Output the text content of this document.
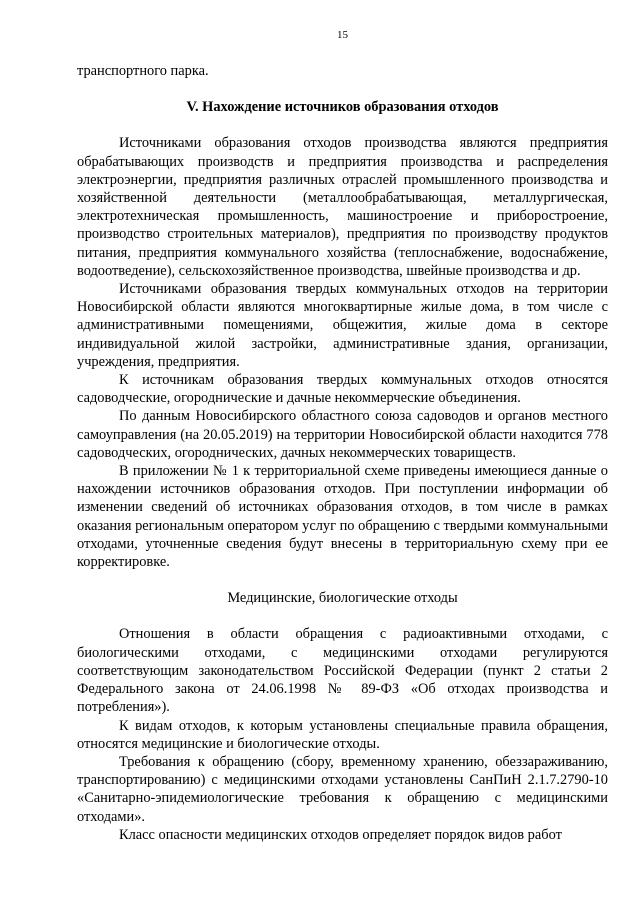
15

транспортного парка.

V. Нахождение источников образования отходов

Источниками образования отходов производства являются предприятия обрабатывающих производств и предприятия производства и распределения электроэнергии, предприятия различных отраслей промышленного производства и хозяйственной деятельности (металлообрабатывающая, металлургическая, электротехническая промышленность, машиностроение и приборостроение, производство строительных материалов), предприятия по производству продуктов питания, предприятия коммунального хозяйства (теплоснабжение, водоснабжение, водоотведение), сельскохозяйственное производства, швейные производства и др.

Источниками образования твердых коммунальных отходов на территории Новосибирской области являются многоквартирные жилые дома, в том числе с административными помещениями, общежития, жилые дома в секторе индивидуальной жилой застройки, административные здания, организации, учреждения, предприятия.

К источникам образования твердых коммунальных отходов относятся садоводческие, огороднические и дачные некоммерческие объединения.

По данным Новосибирского областного союза садоводов и органов местного самоуправления (на 20.05.2019) на территории Новосибирской области находится 778 садоводческих, огороднических, дачных некоммерческих товариществ.

В приложении № 1 к территориальной схеме приведены имеющиеся данные о нахождении источников образования отходов. При поступлении информации об изменении сведений об источниках образования отходов, в том числе в рамках оказания региональным оператором услуг по обращению с твердыми коммунальными отходами, уточненные сведения будут внесены в территориальную схему при ее корректировке.

Медицинские, биологические отходы

Отношения в области обращения с радиоактивными отходами, с биологическими отходами, с медицинскими отходами регулируются соответствующим законодательством Российской Федерации (пункт 2 статьи 2 Федерального закона от 24.06.1998 № 89-ФЗ «Об отходах производства и потребления»).

К видам отходов, к которым установлены специальные правила обращения, относятся медицинские и биологические отходы.

Требования к обращению (сбору, временному хранению, обеззараживанию, транспортированию) с медицинскими отходами установлены СанПиН 2.1.7.2790-10 «Санитарно-эпидемиологические требования к обращению с медицинскими отходами».

Класс опасности медицинских отходов определяет порядок видов работ
